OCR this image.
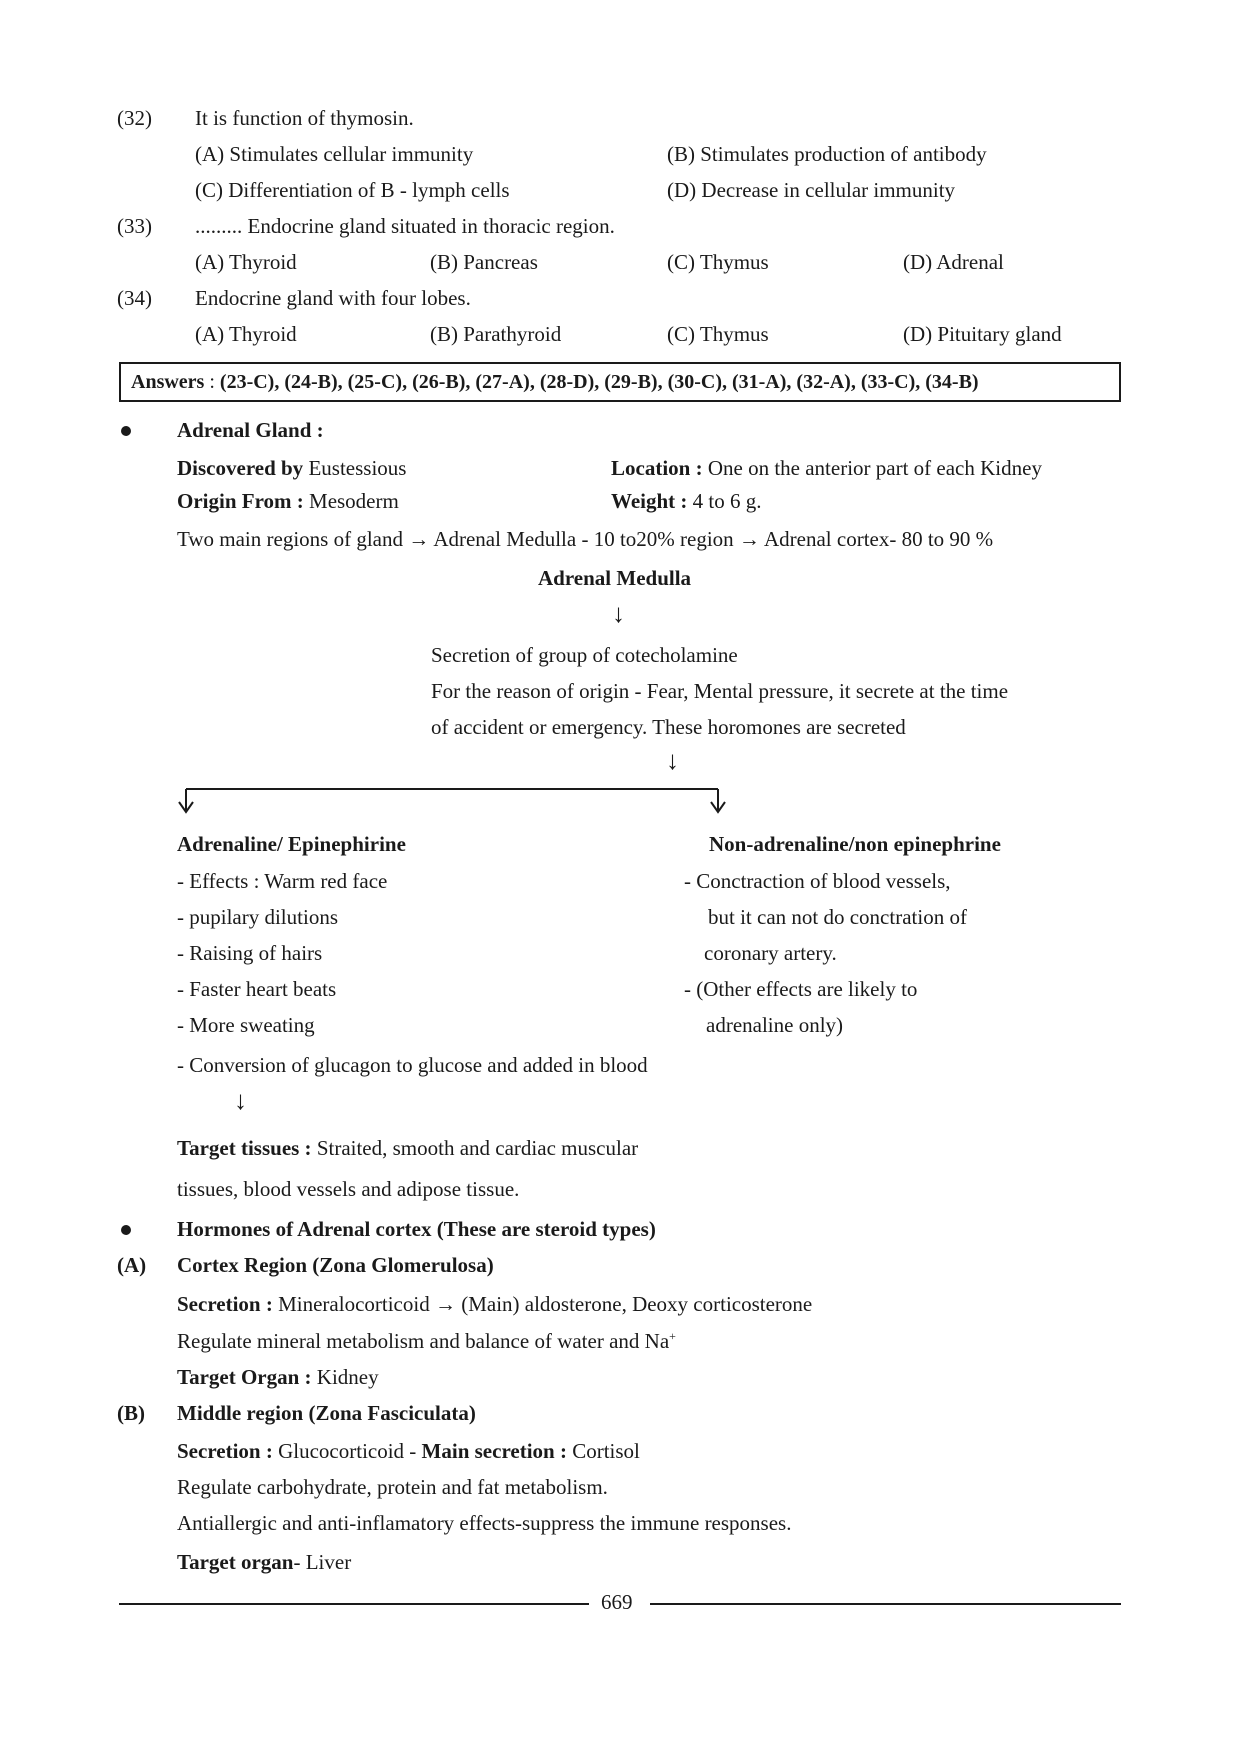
(32) It is function of thymosin.
(A) Stimulates cellular immunity	(B) Stimulates production of antibody
(C) Differentiation of B - lymph cells	(D) Decrease in cellular immunity
(33) ......... Endocrine gland situated in thoracic region.
(A) Thyroid	(B) Pancreas	(C) Thymus	(D) Adrenal
(34) Endocrine gland with four lobes.
(A) Thyroid	(B) Parathyroid	(C) Thymus	(D) Pituitary gland
Answers : (23-C), (24-B), (25-C), (26-B), (27-A), (28-D), (29-B), (30-C), (31-A), (32-A), (33-C), (34-B)
Adrenal Gland :
Discovered by Eustessious	Location : One on the anterior part of each Kidney
Origin From : Mesoderm	Weight : 4 to 6 g.
Two main regions of gland → Adrenal Medulla - 10 to20% region → Adrenal cortex- 80 to 90 %
Adrenal Medulla
↓
Secretion of group of cotecholamine
For the reason of origin - Fear, Mental pressure, it secrete at the time
of accident or emergency. These horomones are secreted
↓
Adrenaline/ Epinephirine
- Effects : Warm red face
- pupilary dilutions
- Raising of hairs
- Faster heart beats
- More sweating
- Conversion of glucagon to glucose and added in blood
↓
Target tissues : Straited, smooth and cardiac muscular
tissues, blood vessels and adipose tissue.
Non-adrenaline/non epinephrine
- Conctraction of blood vessels,
but it can not do conctration of
coronary artery.
- (Other effects are likely to
adrenaline only)
Hormones of Adrenal cortex (These are steroid types)
(A) Cortex Region (Zona Glomerulosa)
Secretion : Mineralocorticoid → (Main) aldosterone, Deoxy corticosterone
Regulate mineral metabolism and balance of water and Na+
Target Organ : Kidney
(B) Middle region (Zona Fasciculata)
Secretion : Glucocorticoid - Main secretion : Cortisol
Regulate carbohydrate, protein and fat metabolism.
Antiallergic and anti-inflamatory effects-suppress the immune responses.
Target organ- Liver
669
